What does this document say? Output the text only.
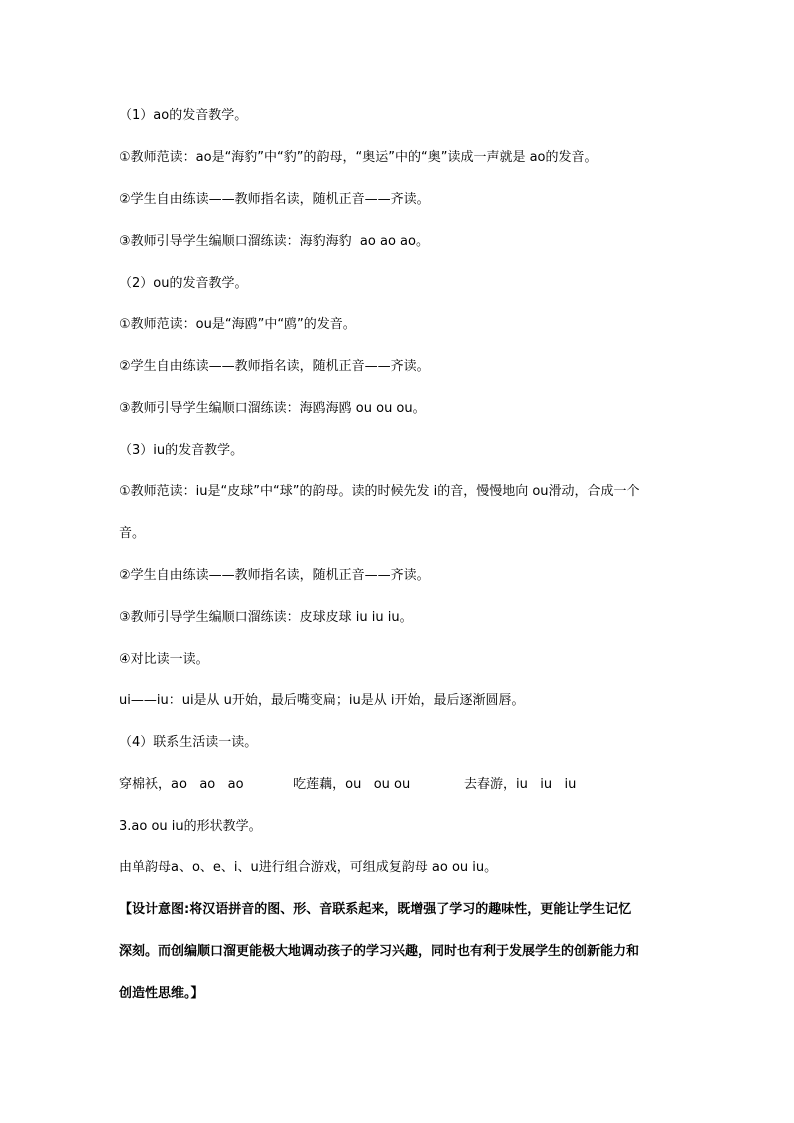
（1）ao的发音教学。
①教师范读：ao是“海豹”中“豹”的韵母，“奥运”中的“奥”读成一声就是 ao的发音。
②学生自由练读——教师指名读，随机正音——齐读。
③教师引导学生编顺口溜练读：海豹海豹  ao ao ao。
（2）ou的发音教学。
①教师范读：ou是“海鸥”中“鸥”的发音。
②学生自由练读——教师指名读，随机正音——齐读。
③教师引导学生编顺口溜练读：海鸥海鸥 ou ou ou。
（3）iu的发音教学。
①教师范读：iu是“皮球”中“球”的韵母。读的时候先发 i的音，慢慢地向 ou滑动，合成一个
音。
②学生自由练读——教师指名读，随机正音——齐读。
③教师引导学生编顺口溜练读：皮球皮球 iu iu iu。
④对比读一读。
ui——iu：ui是从 u开始，最后嘴变扁；iu是从 i开始，最后逐渐圆唇。
（4）联系生活读一读。
穿棉袄，ao   ao   ao            吃莲藕，ou   ou ou             去春游，iu   iu   iu
3.ao ou iu的形状教学。
由单韵母a、o、e、i、u进行组合游戏，可组成复韵母 ao ou iu。
【设计意图:将汉语拼音的图、形、音联系起来，既增强了学习的趣味性，更能让学生记忆
深刻。而创编顺口溜更能极大地调动孩子的学习兴趣，同时也有利于发展学生的创新能力和
创造性思维。】
